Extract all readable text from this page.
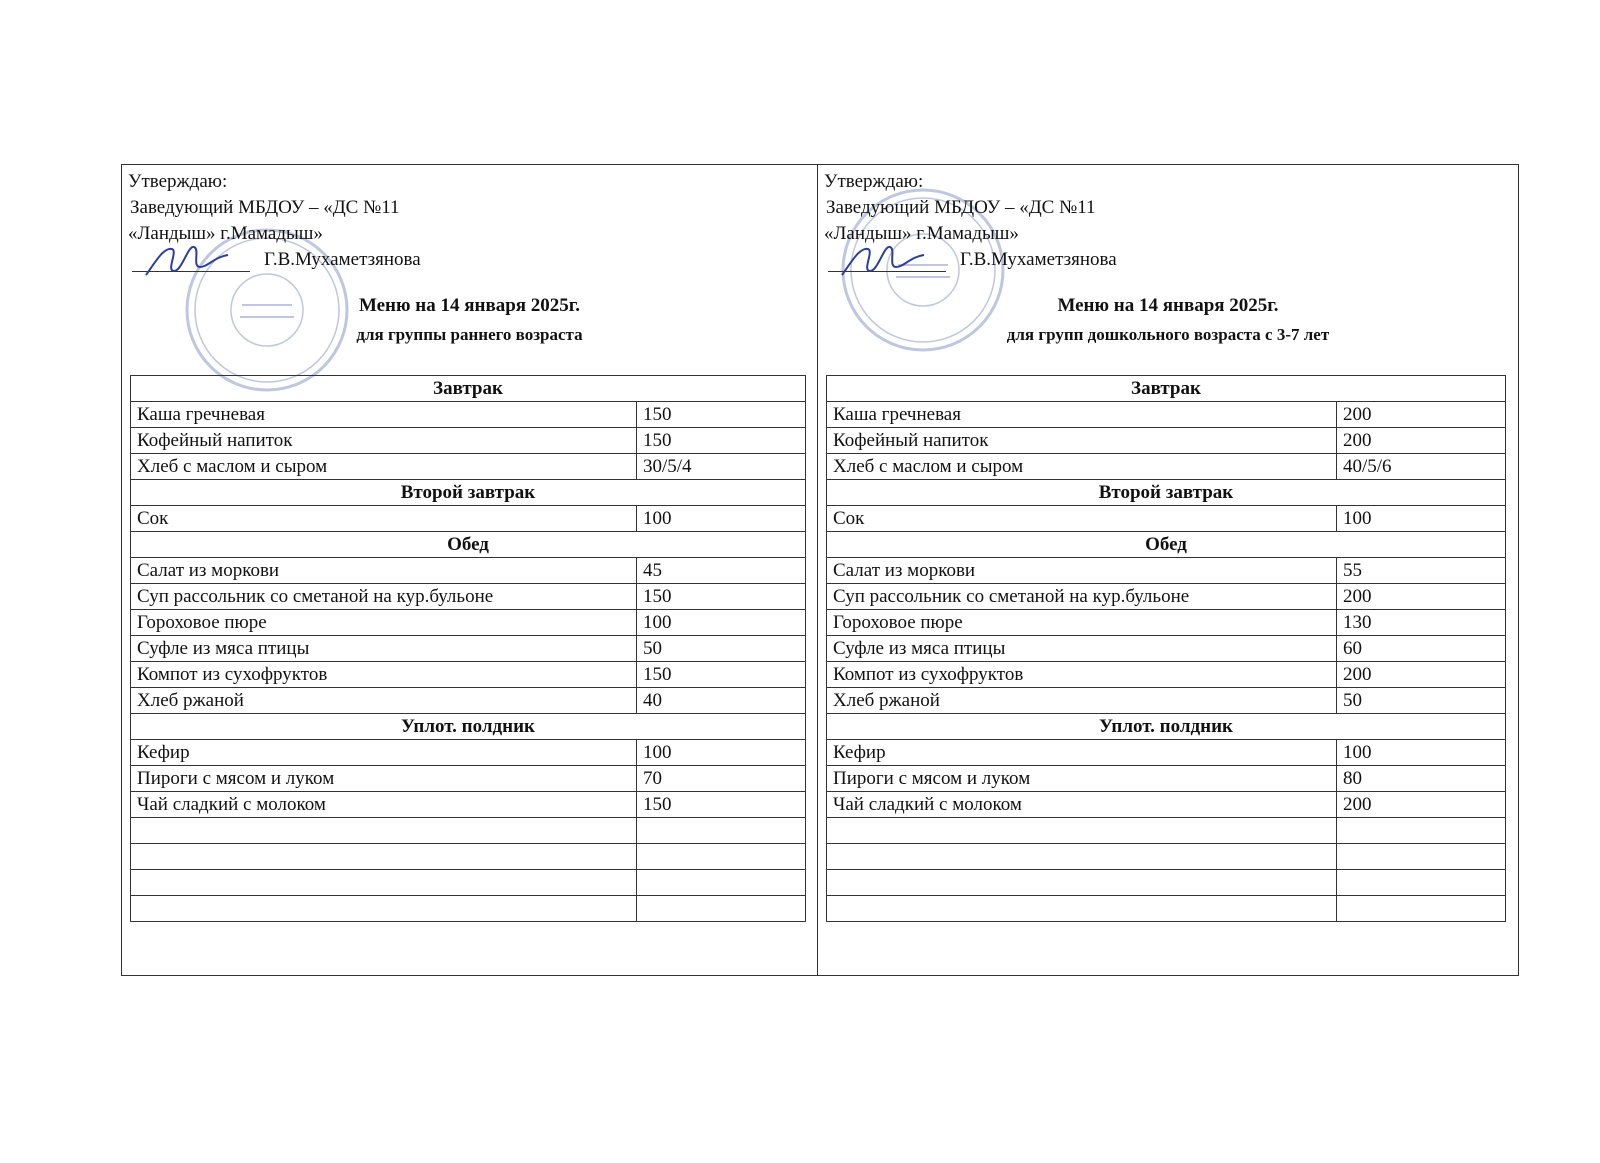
Утверждаю:
Заведующий МБДОУ – «ДС №11
«Ландыш» г.Мамадыш»
Г.В.Мухаметзянова
Меню на 14 января 2025г.
для группы раннего возраста
Завтрак	
Каша гречневая	150
Кофейный напиток	150
Хлеб с маслом и сыром	30/5/4
Второй завтрак	
Сок	100
Обед	
Салат из моркови	45
Суп рассольник со сметаной на кур.бульоне	150
Гороховое пюре	100
Суфле из мяса птицы	50
Компот из сухофруктов	150
Хлеб ржаной	40
Уплот. полдник	
Кефир	100
Пироги с мясом и луком	70
Чай сладкий с молоком	150

Утверждаю:
Заведующий МБДОУ – «ДС №11
«Ландыш» г.Мамадыш»
Г.В.Мухаметзянова
Меню на 14 января 2025г.
для групп дошкольного возраста с 3-7 лет
Завтрак	
Каша гречневая	200
Кофейный напиток	200
Хлеб с маслом и сыром	40/5/6
Второй завтрак	
Сок	100
Обед	
Салат из моркови	55
Суп рассольник со сметаной на кур.бульоне	200
Гороховое пюре	130
Суфле из мяса птицы	60
Компот из сухофруктов	200
Хлеб ржаной	50
Уплот. полдник	
Кефир	100
Пироги с мясом и луком	80
Чай сладкий с молоком	200
